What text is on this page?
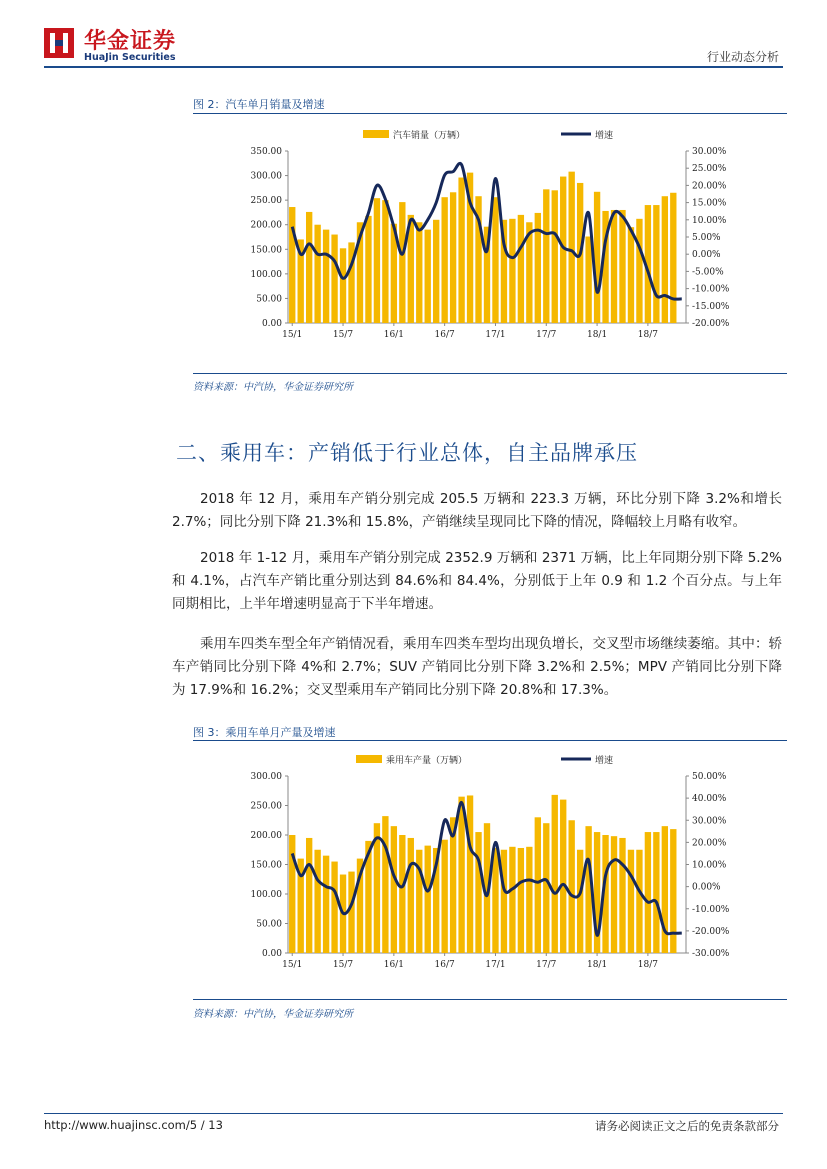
华金证券
HuaJin Securities	行业动态分析
图 2：汽车单月销量及增速
汽车销量（万辆）	增速
350.00
300.00
250.00
200.00
150.00
100.00
50.00
0.00
30.00%
25.00%
20.00%
15.00%
10.00%
5.00%
0.00%
-5.00%
-10.00%
-15.00%
-20.00%
15/1	15/7	16/1	16/7	17/1	17/7	18/1	18/7
资料来源：中汽协，华金证券研究所
二、乘用车：产销低于行业总体，自主品牌承压
2018 年 12 月，乘用车产销分别完成 205.5 万辆和 223.3 万辆，环比分别下降 3.2%和增长 2.7%；同比分别下降 21.3%和 15.8%，产销继续呈现同比下降的情况，降幅较上月略有收窄。
2018 年 1-12 月，乘用车产销分别完成 2352.9 万辆和 2371 万辆，比上年同期分别下降 5.2%和 4.1%，占汽车产销比重分别达到 84.6%和 84.4%，分别低于上年 0.9 和 1.2 个百分点。与上年同期相比，上半年增速明显高于下半年增速。
乘用车四类车型全年产销情况看，乘用车四类车型均出现负增长，交叉型市场继续萎缩。其中：轿车产销同比分别下降 4%和 2.7%；SUV 产销同比分别下降 3.2%和 2.5%；MPV 产销同比分别下降为 17.9%和 16.2%；交叉型乘用车产销同比分别下降 20.8%和 17.3%。
图 3：乘用车单月产量及增速
乘用车产量（万辆）	增速
300.00
250.00
200.00
150.00
100.00
50.00
0.00
50.00%
40.00%
30.00%
20.00%
10.00%
0.00%
-10.00%
-20.00%
-30.00%
15/1	15/7	16/1	16/7	17/1	17/7	18/1	18/7
资料来源：中汽协，华金证券研究所
http://www.huajinsc.com/5 / 13	请务必阅读正文之后的免责条款部分
